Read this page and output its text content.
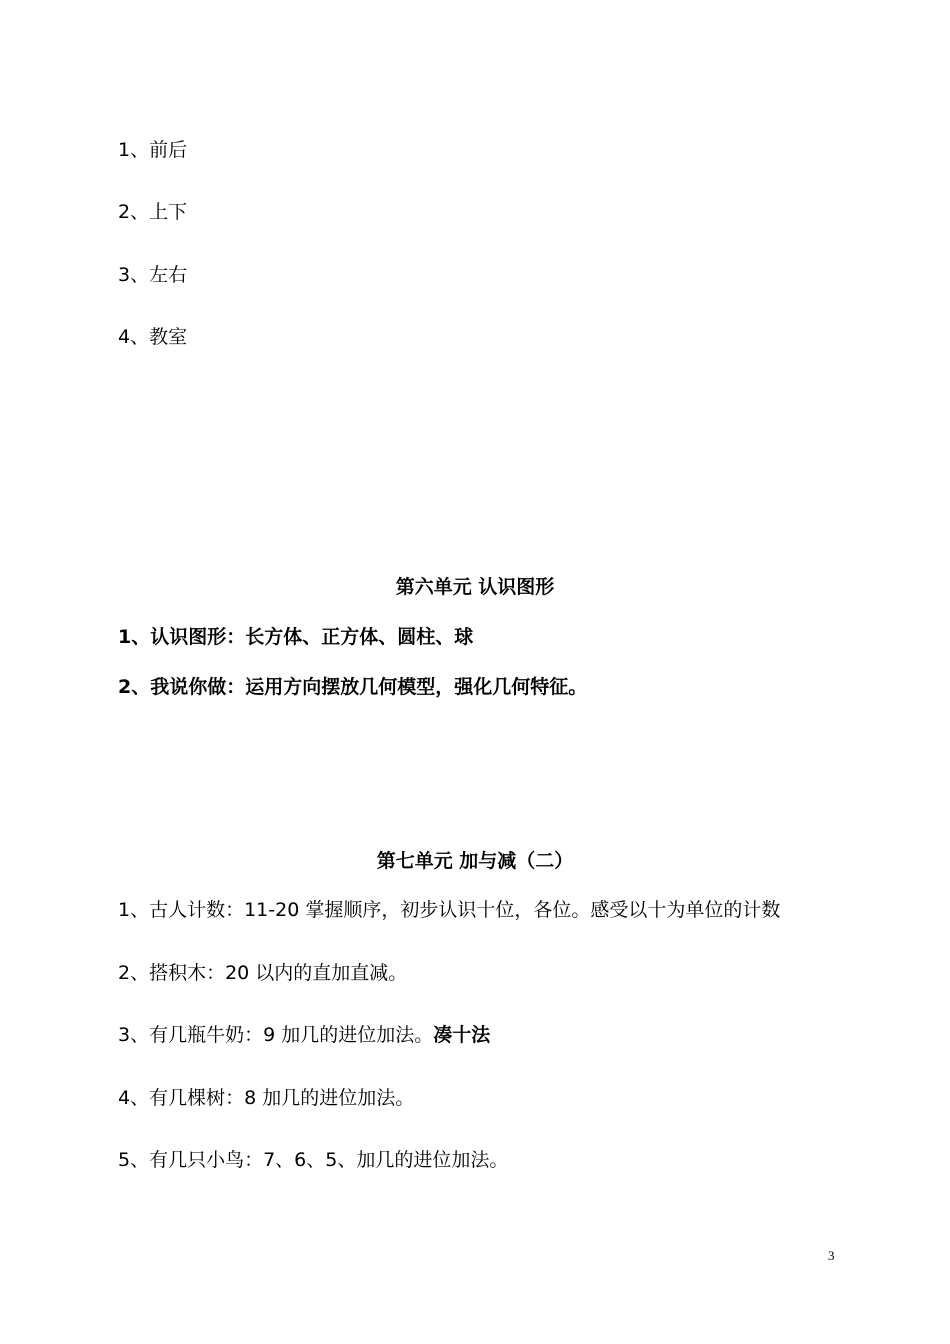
1、前后
2、上下
3、左右
4、教室
第六单元 认识图形
1、认识图形：长方体、正方体、圆柱、球
2、我说你做：运用方向摆放几何模型，强化几何特征。
第七单元 加与减（二）
1、古人计数：11-20 掌握顺序，初步认识十位，各位。感受以十为单位的计数
2、搭积木：20 以内的直加直减。
3、有几瓶牛奶：9 加几的进位加法。凑十法
4、有几棵树：8 加几的进位加法。
5、有几只小鸟：7、6、5、加几的进位加法。
3
